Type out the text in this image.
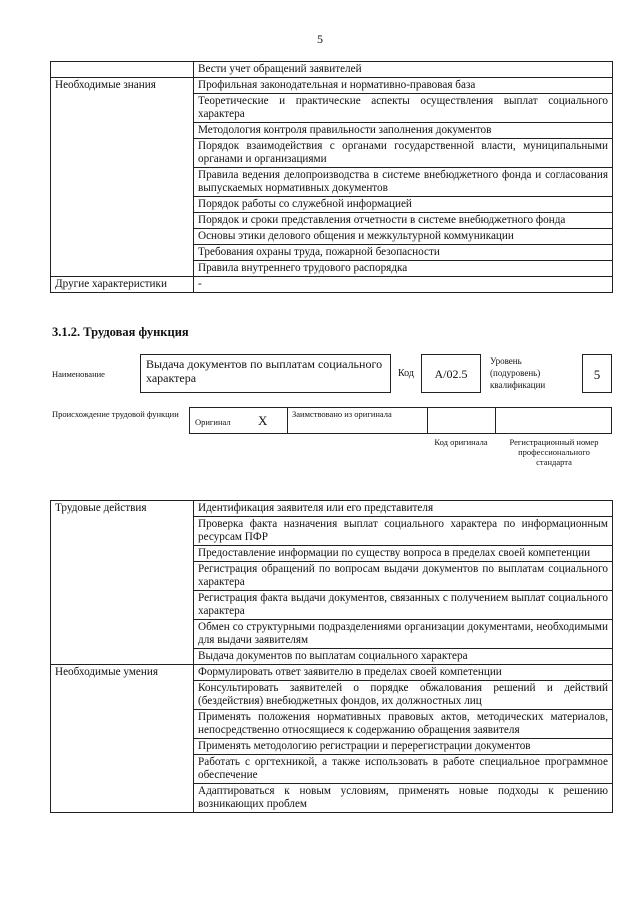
5
	Вести учет обращений заявителей
Необходимые знания	Профильная законодательная и нормативно-правовая база
	Теоретические и практические аспекты осуществления выплат социального характера
	Методология контроля правильности заполнения документов
	Порядок взаимодействия с органами государственной власти, муниципальными органами и организациями
	Правила ведения делопроизводства в системе внебюджетного фонда и согласования выпускаемых нормативных документов
	Порядок работы со служебной информацией
	Порядок и сроки представления отчетности в системе внебюджетного фонда
	Основы этики делового общения и межкультурной коммуникации
	Требования охраны труда, пожарной безопасности
	Правила внутреннего трудового распорядка
Другие характеристики	-
3.1.2. Трудовая функция
Наименование
Выдача документов по выплатам социального характера	Код	А/02.5
Уровень (подуровень) квалификации
5
Происхождение трудовой функции
Оригинал X	Заимствовано из оригинала
Код оригинала	Регистрационный номер профессионального стандарта
Трудовые действия	Идентификация заявителя или его представителя
	Проверка факта назначения выплат социального характера по информационным ресурсам ПФР
	Предоставление информации по существу вопроса в пределах своей компетенции
	Регистрация обращений по вопросам выдачи документов по выплатам социального характера
	Регистрация факта выдачи документов, связанных с получением выплат социального характера
	Обмен со структурными подразделениями организации документами, необходимыми для выдачи заявителям
	Выдача документов по выплатам социального характера
Необходимые умения	Формулировать ответ заявителю в пределах своей компетенции
	Консультировать заявителей о порядке обжалования решений и действий (бездействия) внебюджетных фондов, их должностных лиц
	Применять положения нормативных правовых актов, методических материалов, непосредственно относящиеся к содержанию обращения заявителя
	Применять методологию регистрации и перерегистрации документов
	Работать с оргтехникой, а также использовать в работе специальное программное обеспечение
	Адаптироваться к новым условиям, применять новые подходы к решению возникающих проблем
